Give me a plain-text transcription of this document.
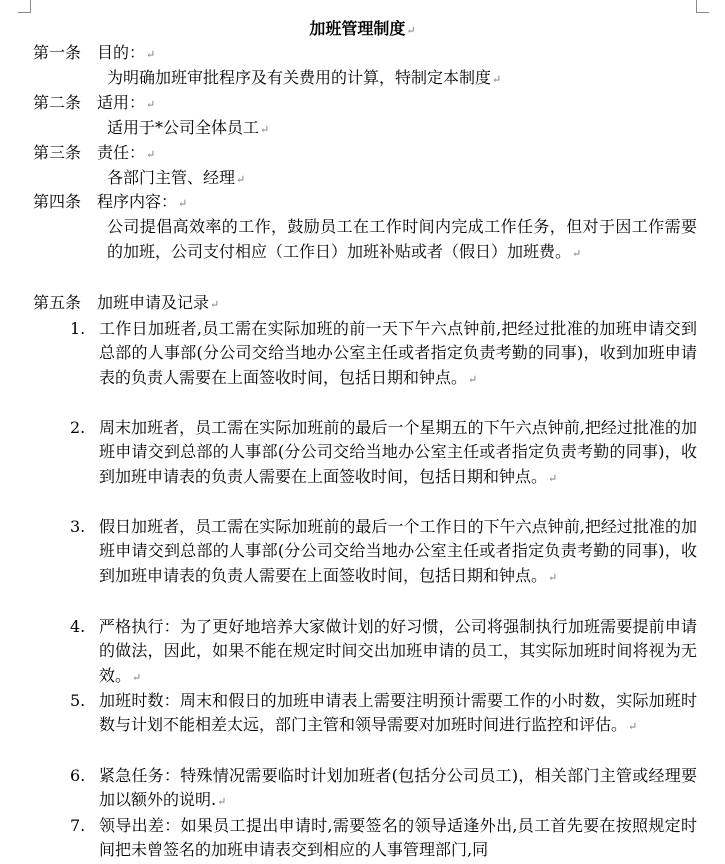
加班管理制度↵
第一条 目的：↵
为明确加班审批程序及有关费用的计算，特制定本制度↵
第二条 适用：↵
适用于*公司全体员工↵
第三条 责任：↵
各部门主管、经理↵
第四条 程序内容：↵
公司提倡高效率的工作，鼓励员工在工作时间内完成工作任务，但对于因工作需要的加班，公司支付相应（工作日）加班补贴或者（假日）加班费。↵
第五条 加班申请及记录↵
1. 工作日加班者,员工需在实际加班的前一天下午六点钟前,把经过批准的加班申请交到总部的人事部(分公司交给当地办公室主任或者指定负责考勤的同事)，收到加班申请表的负责人需要在上面签收时间，包括日期和钟点。↵
2. 周末加班者，员工需在实际加班前的最后一个星期五的下午六点钟前,把经过批准的加班申请交到总部的人事部(分公司交给当地办公室主任或者指定负责考勤的同事)，收到加班申请表的负责人需要在上面签收时间，包括日期和钟点。↵
3. 假日加班者，员工需在实际加班前的最后一个工作日的下午六点钟前,把经过批准的加班申请交到总部的人事部(分公司交给当地办公室主任或者指定负责考勤的同事)，收到加班申请表的负责人需要在上面签收时间，包括日期和钟点。↵
4. 严格执行：为了更好地培养大家做计划的好习惯，公司将强制执行加班需要提前申请的做法，因此，如果不能在规定时间交出加班申请的员工，其实际加班时间将视为无效。↵
5. 加班时数：周末和假日的加班申请表上需要注明预计需要工作的小时数，实际加班时数与计划不能相差太远，部门主管和领导需要对加班时间进行监控和评估。↵
6. 紧急任务：特殊情况需要临时计划加班者(包括分公司员工)，相关部门主管或经理要加以额外的说明.↵
7. 领导出差：如果员工提出申请时,需要签名的领导适逢外出,员工首先要在按照规定时间把未曾签名的加班申请表交到相应的人事管理部门,同
